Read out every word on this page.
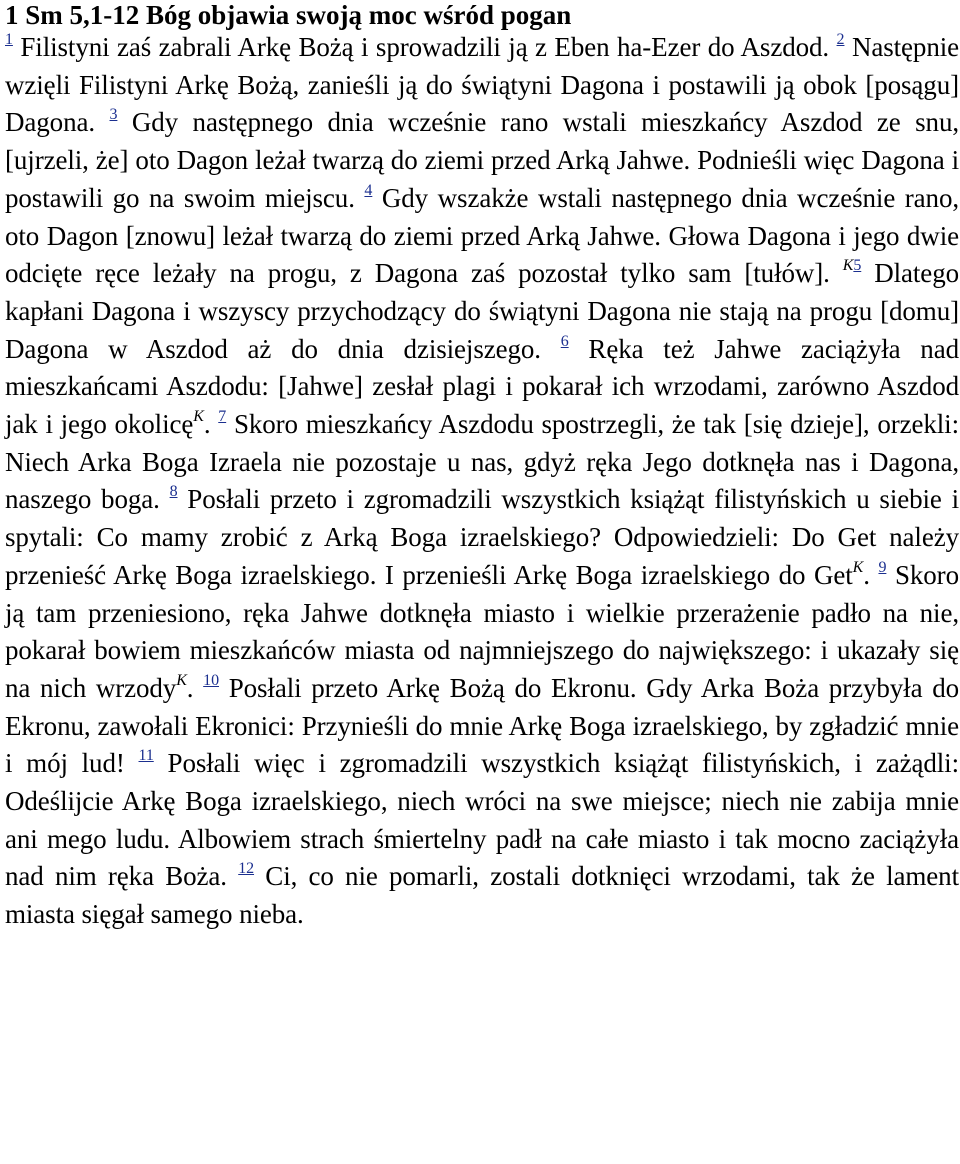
1 Sm 5,1-12 Bóg objawia swoją moc wśród pogan

$^1$ Filistyni zaś zabrali Arkę Bożą i sprowadzili ją z Eben ha-Ezer do Aszdod. $^2$ Następnie wzięli Filistyni Arkę Bożą, zanieśli ją do świątyni Dagona i postawili ją obok [posągu] Dagona. $^3$ Gdy następnego dnia wcześnie rano wstali mieszkańcy Aszdod ze snu, [ujrzeli, że] oto Dagon leżał twarzą do ziemi przed Arką Jahwe. Podnieśli więc Dagona i postawili go na swoim miejscu. $^4$ Gdy wszakże wstali następnego dnia wcześnie rano, oto Dagon [znowu] leżał twarzą do ziemi przed Arką Jahwe. Głowa Dagona i jego dwie odcięte ręce leżały na progu, z Dagona zaś pozostał tylko sam [tułów]. $^{K5}$ Dlatego kapłani Dagona i wszyscy przychodzący do świątyni Dagona nie stają na progu [domu] Dagona w Aszdod aż do dnia dzisiejszego. $^6$ Ręka też Jahwe zaciążyła nad mieszkańcami Aszdodu: [Jahwe] zesłał plagi i pokarał ich wrzodami, zarówno Aszdod jak i jego okolicę$^K$. $^7$ Skoro mieszkańcy Aszdodu spostrzegli, że tak [się dzieje], orzekli: Niech Arka Boga Izraela nie pozostaje u nas, gdyż ręka Jego dotknęła nas i Dagona, naszego boga. $^8$ Posłali przeto i zgromadzili wszystkich książąt filistyńskich u siebie i spytali: Co mamy zrobić z Arką Boga izraelskiego? Odpowiedzieli: Do Get należy przenieść Arkę Boga izraelskiego. I przenieśli Arkę Boga izraelskiego do Get$^K$. $^9$ Skoro ją tam przeniesiono, ręka Jahwe dotknęła miasto i wielkie przerażenie padło na nie, pokarał bowiem mieszkańców miasta od najmniejszego do największego: i ukazały się na nich wrzody$^K$. $^{10}$ Posłali przeto Arkę Bożą do Ekronu. Gdy Arka Boża przybyła do Ekronu, zawołali Ekronici: Przynieśli do mnie Arkę Boga izraelskiego, by zgładzić mnie i mój lud! $^{11}$ Posłali więc i zgromadzili wszystkich książąt filistyńskich, i zażądli: Odeślijcie Arkę Boga izraelskiego, niech wróci na swe miejsce; niech nie zabija mnie ani mego ludu. Albowiem strach śmiertelny padł na całe miasto i tak mocno zaciążyła nad nim ręka Boża. $^{12}$ Ci, co nie pomarli, zostali dotknięci wrzodami, tak że lament miasta sięgał samego nieba.
